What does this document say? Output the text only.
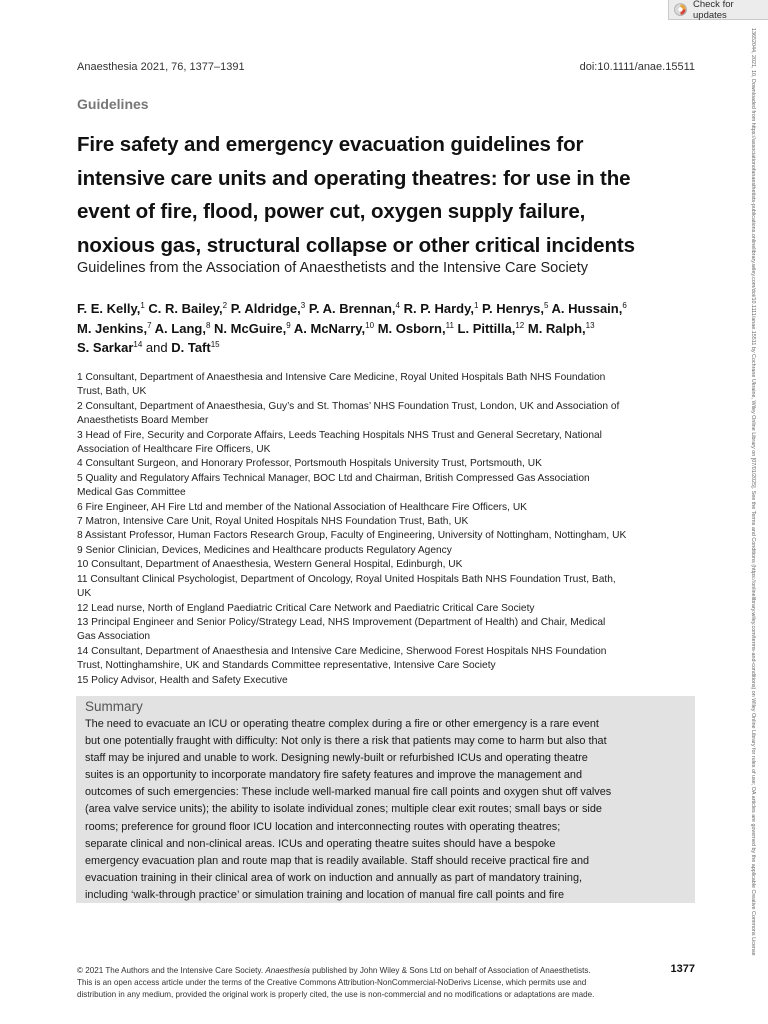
Check for updates
13652044, 2021, 10, Downloaded from https://associationofanaesthetists-publications.onlinelibrary.wiley.com/doi/10.1111/anae.15511 by Cochrane Ukraine, Wiley Online Library on [07/01/2025]. See the Terms and Conditions (https://onlinelibrary.wiley.com/terms-and-conditions) on Wiley Online Library for rules of use; OA articles are governed by the applicable Creative Commons License
Anaesthesia 2021, 76, 1377–1391	doi:10.1111/anae.15511
Guidelines
Fire safety and emergency evacuation guidelines for
intensive care units and operating theatres: for use in the
event of fire, flood, power cut, oxygen supply failure,
noxious gas, structural collapse or other critical incidents
Guidelines from the Association of Anaesthetists and the Intensive Care Society
F. E. Kelly,$^1$ C. R. Bailey,$^2$ P. Aldridge,$^3$ P. A. Brennan,$^4$ R. P. Hardy,$^1$ P. Henrys,$^5$ A. Hussain,$^6$
M. Jenkins,$^7$ A. Lang,$^8$ N. McGuire,$^9$ A. McNarry,$^{10}$ M. Osborn,$^{11}$ L. Pittilla,$^{12}$ M. Ralph,$^{13}$
S. Sarkar$^{14}$ and D. Taft$^{15}$
1 Consultant, Department of Anaesthesia and Intensive Care Medicine, Royal United Hospitals Bath NHS Foundation
Trust, Bath, UK
2 Consultant, Department of Anaesthesia, Guy’s and St. Thomas’ NHS Foundation Trust, London, UK and Association of
Anaesthetists Board Member
3 Head of Fire, Security and Corporate Affairs, Leeds Teaching Hospitals NHS Trust and General Secretary, National
Association of Healthcare Fire Officers, UK
4 Consultant Surgeon, and Honorary Professor, Portsmouth Hospitals University Trust, Portsmouth, UK
5 Quality and Regulatory Affairs Technical Manager, BOC Ltd and Chairman, British Compressed Gas Association
Medical Gas Committee
6 Fire Engineer, AH Fire Ltd and member of the National Association of Healthcare Fire Officers, UK
7 Matron, Intensive Care Unit, Royal United Hospitals NHS Foundation Trust, Bath, UK
8 Assistant Professor, Human Factors Research Group, Faculty of Engineering, University of Nottingham, Nottingham, UK
9 Senior Clinician, Devices, Medicines and Healthcare products Regulatory Agency
10 Consultant, Department of Anaesthesia, Western General Hospital, Edinburgh, UK
11 Consultant Clinical Psychologist, Department of Oncology, Royal United Hospitals Bath NHS Foundation Trust, Bath,
UK
12 Lead nurse, North of England Paediatric Critical Care Network and Paediatric Critical Care Society
13 Principal Engineer and Senior Policy/Strategy Lead, NHS Improvement (Department of Health) and Chair, Medical
Gas Association
14 Consultant, Department of Anaesthesia and Intensive Care Medicine, Sherwood Forest Hospitals NHS Foundation
Trust, Nottinghamshire, UK and Standards Committee representative, Intensive Care Society
15 Policy Advisor, Health and Safety Executive
Summary
The need to evacuate an ICU or operating theatre complex during a fire or other emergency is a rare event
but one potentially fraught with difficulty: Not only is there a risk that patients may come to harm but also that
staff may be injured and unable to work. Designing newly-built or refurbished ICUs and operating theatre
suites is an opportunity to incorporate mandatory fire safety features and improve the management and
outcomes of such emergencies: These include well-marked manual fire call points and oxygen shut off valves
(area valve service units); the ability to isolate individual zones; multiple clear exit routes; small bays or side
rooms; preference for ground floor ICU location and interconnecting routes with operating theatres;
separate clinical and non-clinical areas. ICUs and operating theatre suites should have a bespoke
emergency evacuation plan and route map that is readily available. Staff should receive practical fire and
evacuation training in their clinical area of work on induction and annually as part of mandatory training,
including ‘walk-through practice’ or simulation training and location of manual fire call points and fire
© 2021 The Authors and the Intensive Care Society. Anaesthesia published by John Wiley & Sons Ltd on behalf of Association of Anaesthetists.
This is an open access article under the terms of the Creative Commons Attribution-NonCommercial-NoDerivs License, which permits use and
distribution in any medium, provided the original work is properly cited, the use is non-commercial and no modifications or adaptations are made.
1377
